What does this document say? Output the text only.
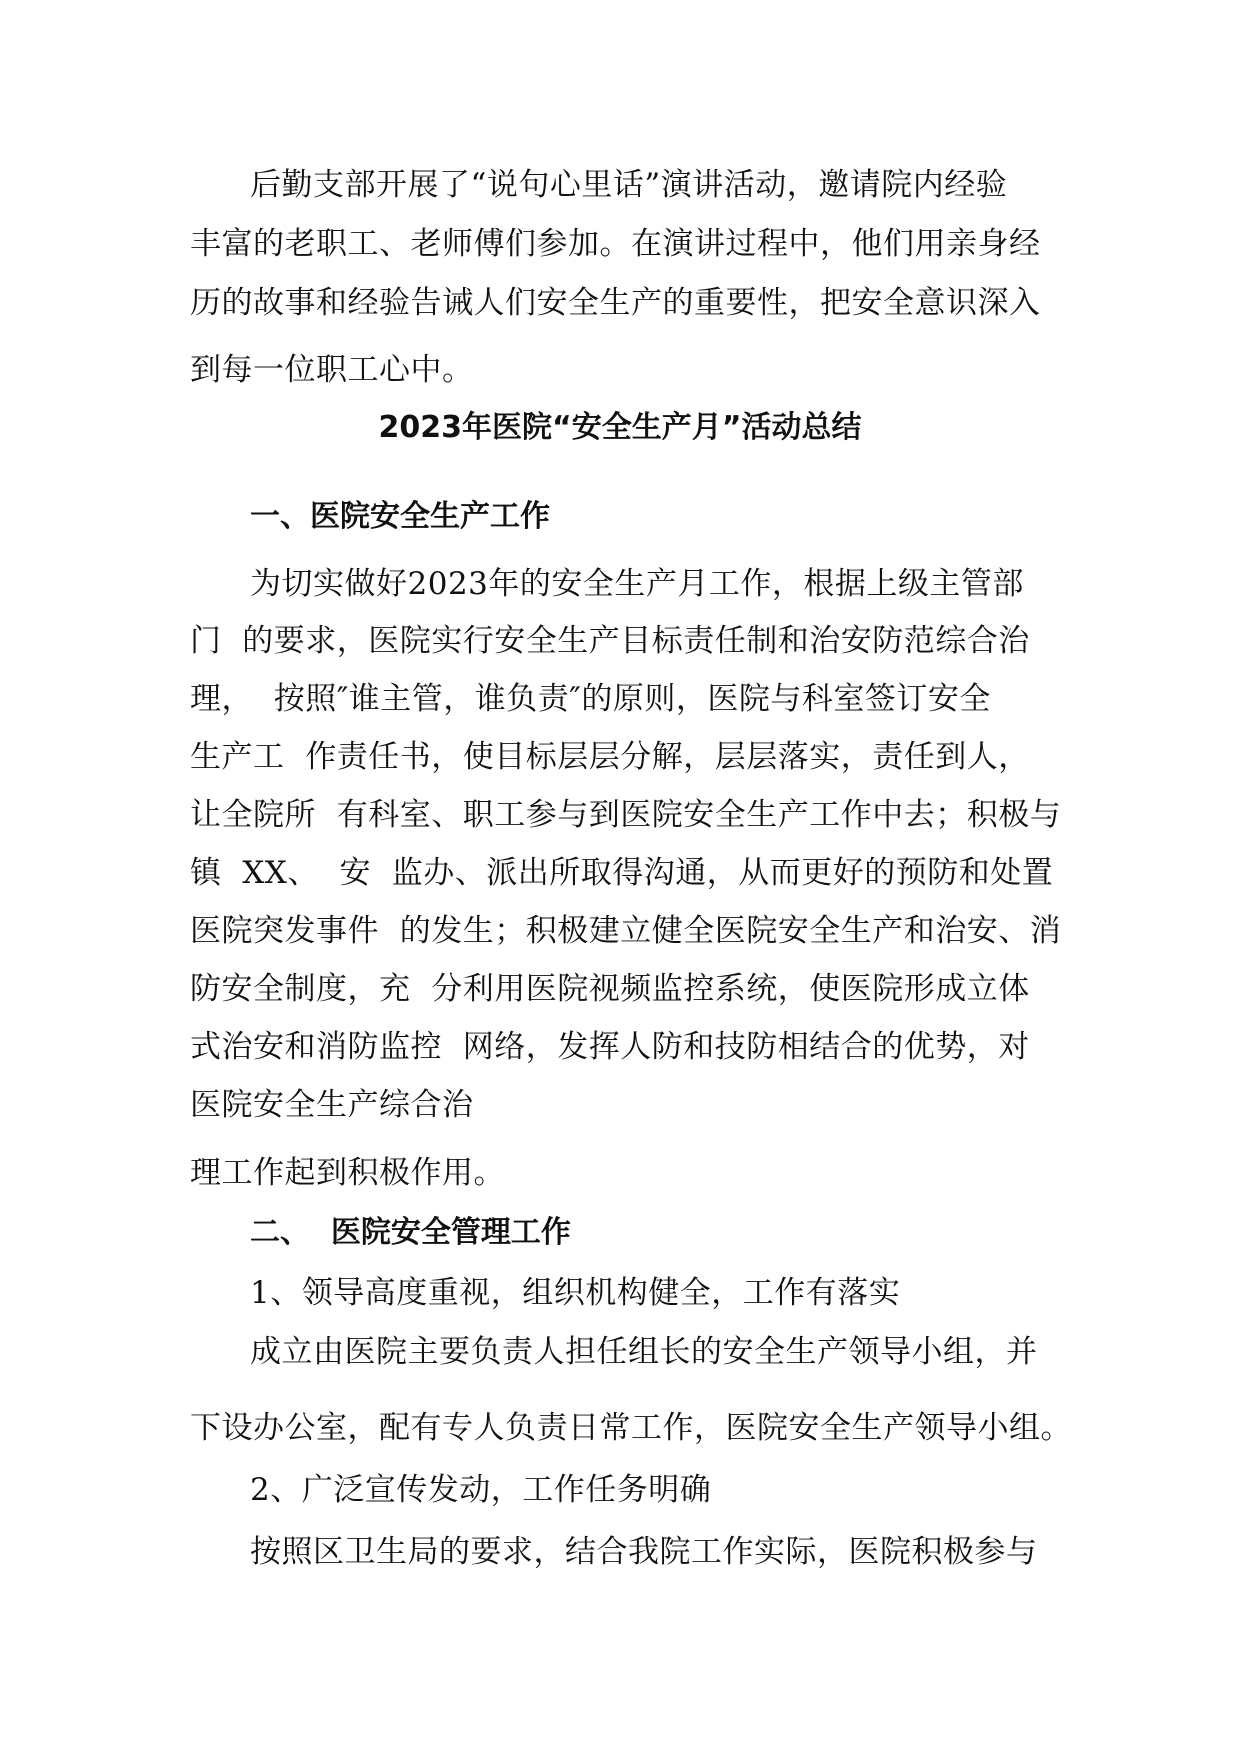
后勤支部开展了“说句心里话”演讲活动，邀请院内经验
丰富的老职工、老师傅们参加。在演讲过程中，他们用亲身经
历的故事和经验告诫人们安全生产的重要性，把安全意识深入
到每一位职工心中。
2023年医院“安全生产月”活动总结
一、医院安全生产工作
为切实做好2023年的安全生产月工作，根据上级主管部
门  的要求，医院实行安全生产目标责任制和治安防范综合治
理，  按照″谁主管，谁负责″的原则，医院与科室签订安全
生产工  作责任书，使目标层层分解，层层落实，责任到人，
让全院所  有科室、职工参与到医院安全生产工作中去；积极与
镇  XX、  安  监办、派出所取得沟通，从而更好的预防和处置
医院突发事件  的发生；积极建立健全医院安全生产和治安、消
防安全制度，充  分利用医院视频监控系统，使医院形成立体
式治安和消防监控  网络，发挥人防和技防相结合的优势，对
医院安全生产综合治
理工作起到积极作用。
二、  医院安全管理工作
1、领导高度重视，组织机构健全，工作有落实
成立由医院主要负责人担任组长的安全生产领导小组，并
下设办公室，配有专人负责日常工作，医院安全生产领导小组。
2、广泛宣传发动，工作任务明确
按照区卫生局的要求，结合我院工作实际，医院积极参与
